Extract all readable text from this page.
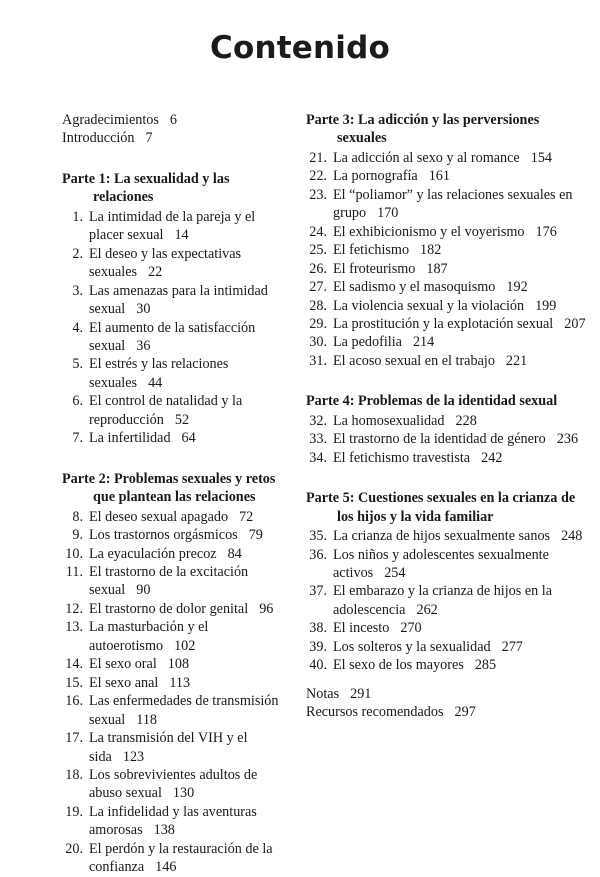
Contenido
Agradecimientos 6
Introducción 7
Parte 1: La sexualidad y las relaciones
1. La intimidad de la pareja y el placer sexual 14
2. El deseo y las expectativas sexuales 22
3. Las amenazas para la intimidad sexual 30
4. El aumento de la satisfacción sexual 36
5. El estrés y las relaciones sexuales 44
6. El control de natalidad y la reproducción 52
7. La infertilidad 64
Parte 2: Problemas sexuales y retos que plantean las relaciones
8. El deseo sexual apagado 72
9. Los trastornos orgásmicos 79
10. La eyaculación precoz 84
11. El trastorno de la excitación sexual 90
12. El trastorno de dolor genital 96
13. La masturbación y el autoerotismo 102
14. El sexo oral 108
15. El sexo anal 113
16. Las enfermedades de transmisión sexual 118
17. La transmisión del VIH y el sida 123
18. Los sobrevivientes adultos de abuso sexual 130
19. La infidelidad y las aventuras amorosas 138
20. El perdón y la restauración de la confianza 146
Parte 3: La adicción y las perversiones sexuales
21. La adicción al sexo y al romance 154
22. La pornografía 161
23. El “poliamor” y las relaciones sexuales en grupo 170
24. El exhibicionismo y el voyerismo 176
25. El fetichismo 182
26. El froteurismo 187
27. El sadismo y el masoquismo 192
28. La violencia sexual y la violación 199
29. La prostitución y la explotación sexual 207
30. La pedofilia 214
31. El acoso sexual en el trabajo 221
Parte 4: Problemas de la identidad sexual
32. La homosexualidad 228
33. El trastorno de la identidad de género 236
34. El fetichismo travestista 242
Parte 5: Cuestiones sexuales en la crianza de los hijos y la vida familiar
35. La crianza de hijos sexualmente sanos 248
36. Los niños y adolescentes sexualmente activos 254
37. El embarazo y la crianza de hijos en la adolescencia 262
38. El incesto 270
39. Los solteros y la sexualidad 277
40. El sexo de los mayores 285
Notas 291
Recursos recomendados 297
